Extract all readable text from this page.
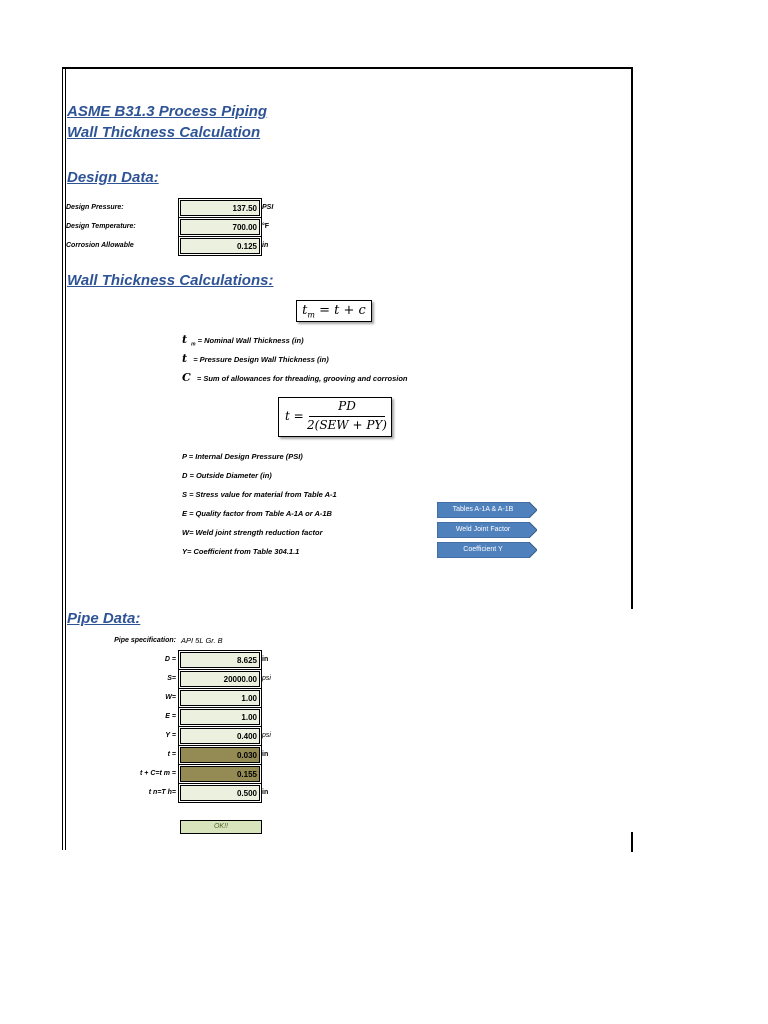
ASME B31.3 Process Piping
Wall Thickness Calculation
Design Data:
Design Pressure:	137.50 PSI
Design Temperature:	700.00 °F
Corrosion Allowable	0.125 in
Wall Thickness Calculations:
$t_m = t + c$
t $_m$ = Nominal Wall Thickness (in)
t = Pressure Design Wall Thickness (in)
C = Sum of allowances for threading, grooving and corrosion
t =
PD
2(SEW + PY)
P = Internal Design Pressure (PSI)
D = Outside Diameter (in)
S = Stress value for material from Table A-1
E = Quality factor from Table A-1A or A-1B
W= Weld joint strength reduction factor
Y= Coefficient from Table 304.1.1
Tables A-1A & A-1B
Weld Joint Factor
Coefficient Y
Pipe Data:
Pipe specification: API 5L Gr. B
D =	8.625 in
S=	20000.00 psi
W=	1.00
E =	1.00
Y =	0.400 psi
t =	0.030 in
t + C=t m =	0.155
t n=T h=	0.500 in
OK!!
